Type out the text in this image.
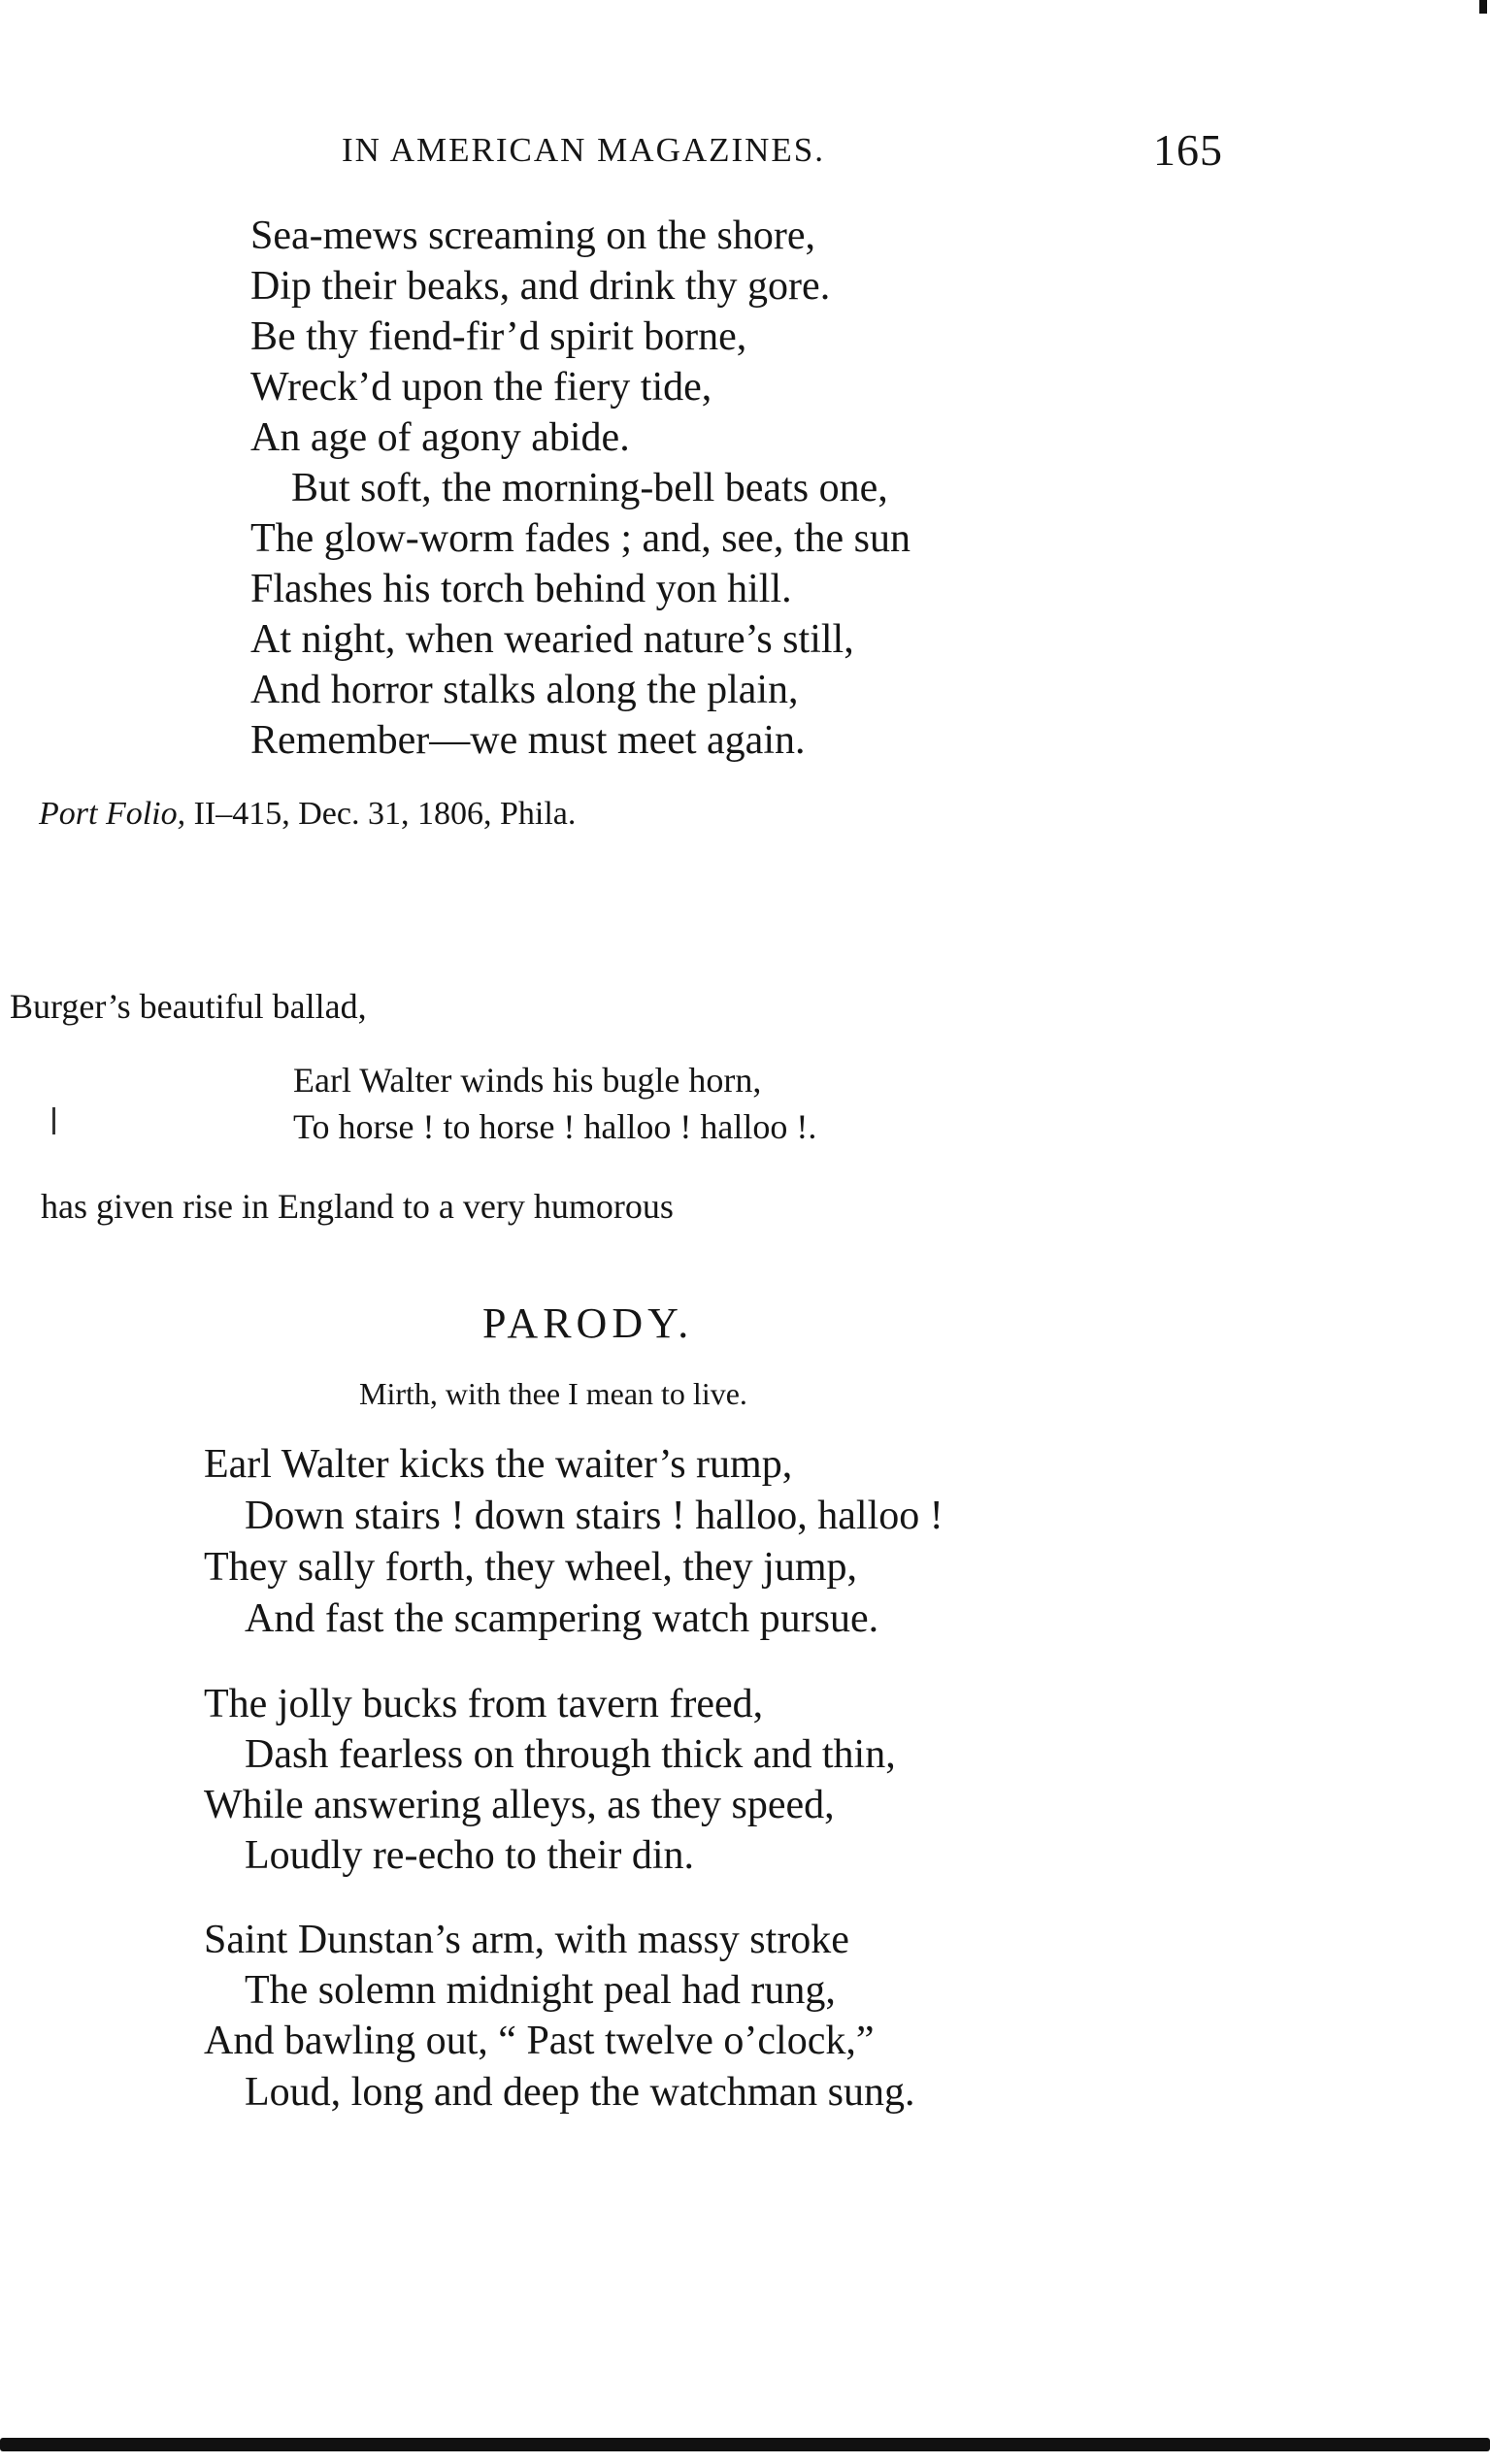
IN AMERICAN MAGAZINES.	165
Sea-mews screaming on the shore,
Dip their beaks, and drink thy gore.
Be thy fiend-fir’d spirit borne,
Wreck’d upon the fiery tide,
An age of agony abide.
But soft, the morning-bell beats one,
The glow-worm fades ; and, see, the sun
Flashes his torch behind yon hill.
At night, when wearied nature’s still,
And horror stalks along the plain,
Remember—we must meet again.
Port Folio, II–415, Dec. 31, 1806, Phila.
Burger’s beautiful ballad,
Earl Walter winds his bugle horn,
To horse ! to horse ! halloo ! halloo !.
has given rise in England to a very humorous
PARODY.
Mirth, with thee I mean to live.
Earl Walter kicks the waiter’s rump,
Down stairs ! down stairs ! halloo, halloo !
They sally forth, they wheel, they jump,
And fast the scampering watch pursue.
The jolly bucks from tavern freed,
Dash fearless on through thick and thin,
While answering alleys, as they speed,
Loudly re-echo to their din.
Saint Dunstan’s arm, with massy stroke
The solemn midnight peal had rung,
And bawling out, “ Past twelve o’clock,”
Loud, long and deep the watchman sung.
